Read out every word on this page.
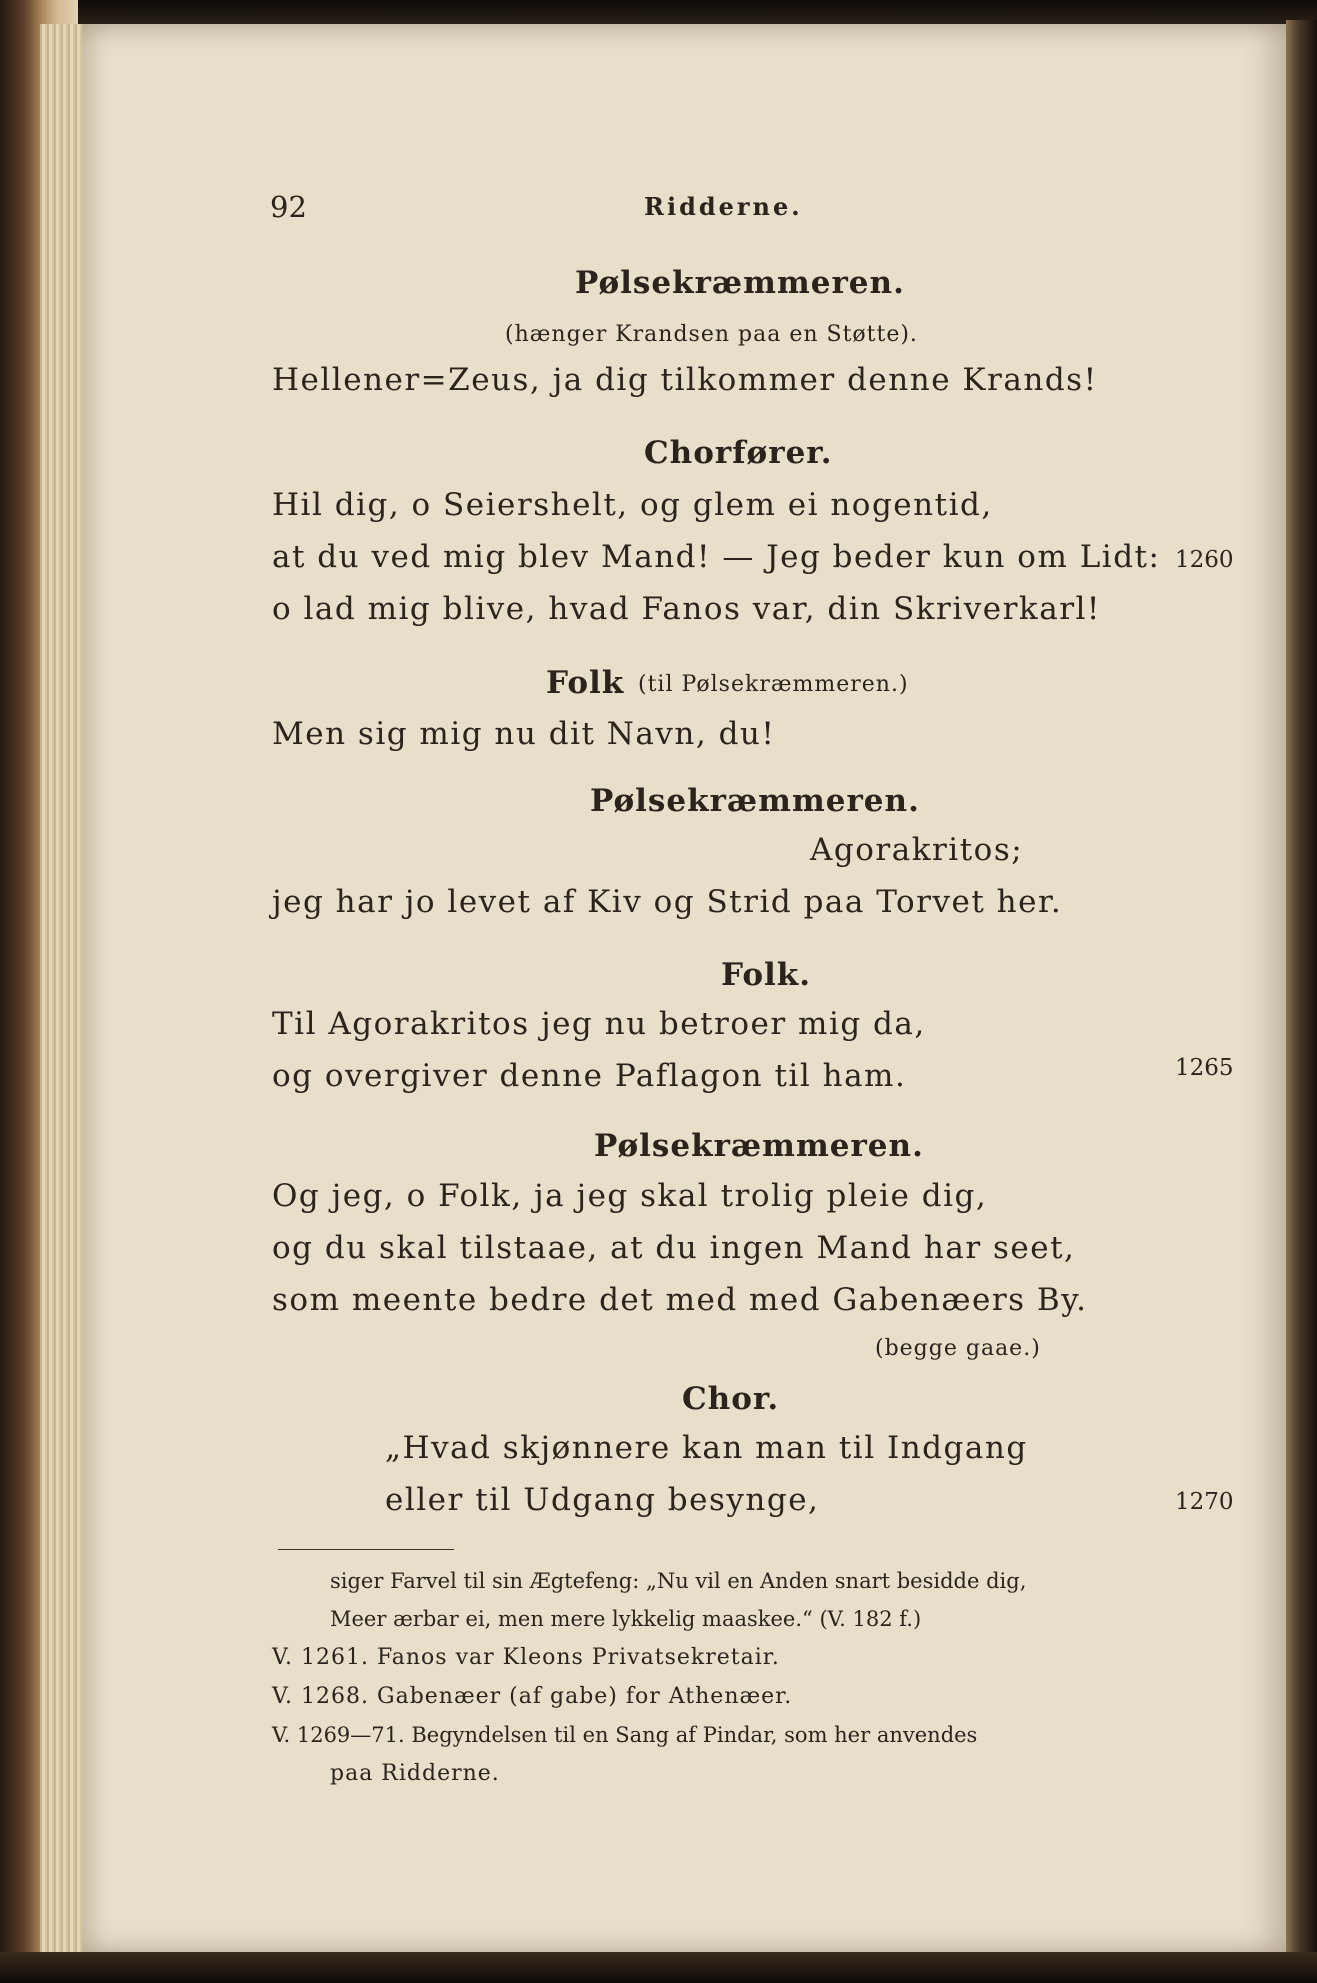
92	Ridderne.
Pølsekræmmeren.
(hænger Krandsen paa en Støtte).
Hellener=Zeus, ja dig tilkommer denne Krands!
Chorfører.
Hil dig, o Seiershelt, og glem ei nogentid,
at du ved mig blev Mand! — Jeg beder kun om Lidt: 1260
o lad mig blive, hvad Fanos var, din Skriverkarl!
Folk (til Pølsekræmmeren.)
Men sig mig nu dit Navn, du!
Pølsekræmmeren.
Agorakritos;
jeg har jo levet af Kiv og Strid paa Torvet her.
Folk.
Til Agorakritos jeg nu betroer mig da,
og overgiver denne Paflagon til ham.	1265
Pølsekræmmeren.
Og jeg, o Folk, ja jeg skal trolig pleie dig,
og du skal tilstaae, at du ingen Mand har seet,
som meente bedre det med med Gabenæers By.
(begge gaae.)
Chor.
„Hvad skjønnere kan man til Indgang
eller til Udgang besynge,	1270
siger Farvel til sin Ægtefeng: „Nu vil en Anden snart besidde dig,
Meer ærbar ei, men mere lykkelig maaskee.“ (V. 182 f.)
V. 1261. Fanos var Kleons Privatsekretair.
V. 1268. Gabenæer (af gabe) for Athenæer.
V. 1269—71. Begyndelsen til en Sang af Pindar, som her anvendes
paa Ridderne.
